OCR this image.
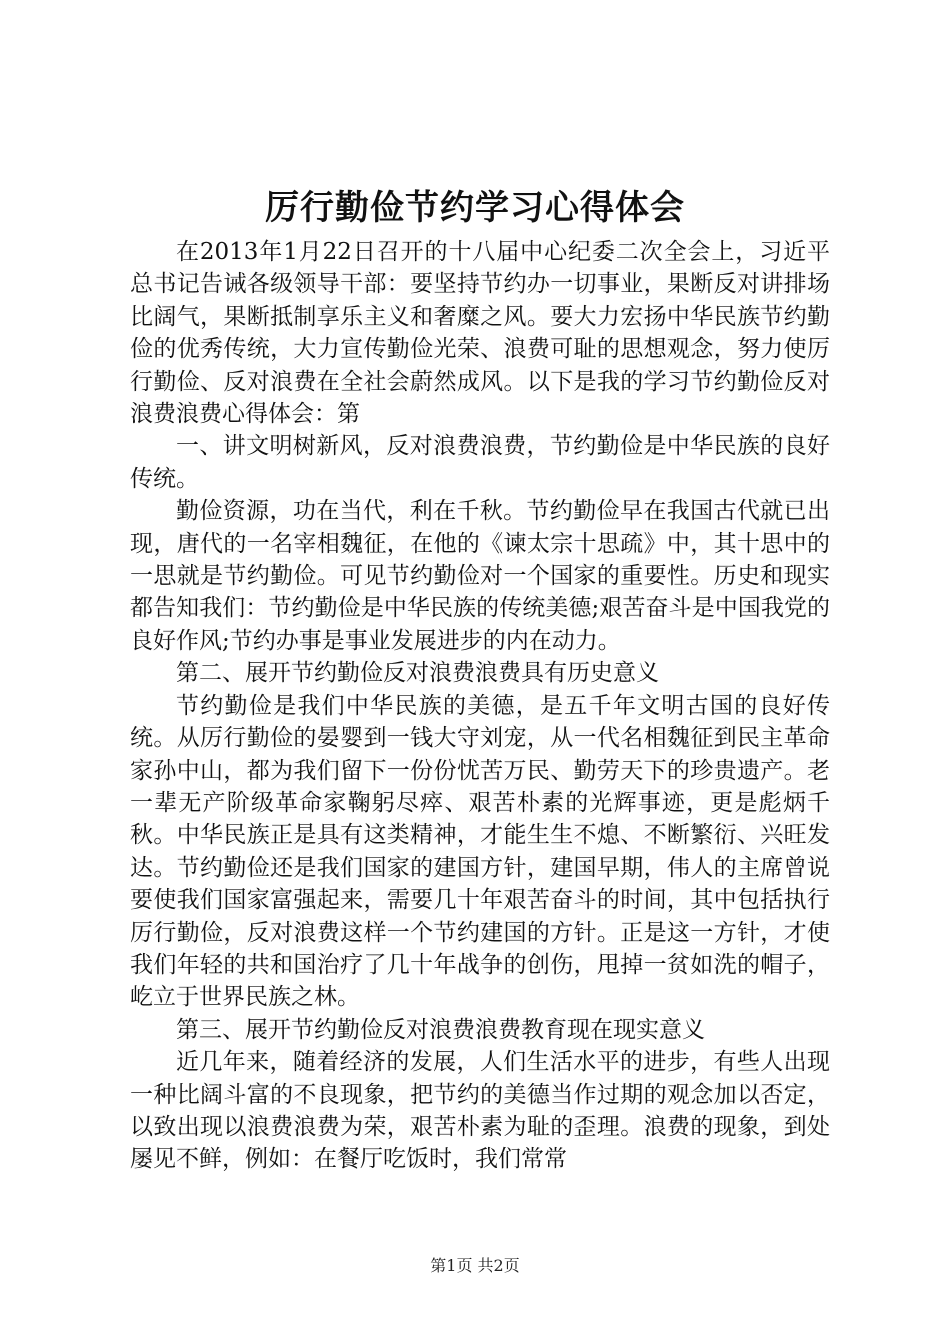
厉行勤俭节约学习心得体会

在2013年1月22日召开的十八届中心纪委二次全会上，习近平总书记告诫各级领导干部：要坚持节约办一切事业，果断反对讲排场比阔气，果断抵制享乐主义和奢糜之风。要大力宏扬中华民族节约勤俭的优秀传统，大力宣传勤俭光荣、浪费可耻的思想观念，努力使厉行勤俭、反对浪费在全社会蔚然成风。以下是我的学习节约勤俭反对浪费浪费心得体会：第

一、讲文明树新风，反对浪费浪费，节约勤俭是中华民族的良好传统。

勤俭资源，功在当代，利在千秋。节约勤俭早在我国古代就已出现，唐代的一名宰相魏征，在他的《谏太宗十思疏》中，其十思中的一思就是节约勤俭。可见节约勤俭对一个国家的重要性。历史和现实都告知我们：节约勤俭是中华民族的传统美德;艰苦奋斗是中国我党的良好作风;节约办事是事业发展进步的内在动力。

第二、展开节约勤俭反对浪费浪费具有历史意义

节约勤俭是我们中华民族的美德，是五千年文明古国的良好传统。从厉行勤俭的晏婴到一钱大守刘宠，从一代名相魏征到民主革命家孙中山，都为我们留下一份份忧苦万民、勤劳天下的珍贵遗产。老一辈无产阶级革命家鞠躬尽瘁、艰苦朴素的光辉事迹，更是彪炳千秋。中华民族正是具有这类精神，才能生生不熄、不断繁衍、兴旺发达。节约勤俭还是我们国家的建国方针，建国早期，伟人的主席曾说要使我们国家富强起来，需要几十年艰苦奋斗的时间，其中包括执行厉行勤俭，反对浪费这样一个节约建国的方针。正是这一方针，才使我们年轻的共和国治疗了几十年战争的创伤，甩掉一贫如洗的帽子，屹立于世界民族之林。

第三、展开节约勤俭反对浪费浪费教育现在现实意义

近几年来，随着经济的发展，人们生活水平的进步，有些人出现一种比阔斗富的不良现象，把节约的美德当作过期的观念加以否定，以致出现以浪费浪费为荣，艰苦朴素为耻的歪理。浪费的现象，到处屡见不鲜，例如：在餐厅吃饭时，我们常常

第1页 共2页
